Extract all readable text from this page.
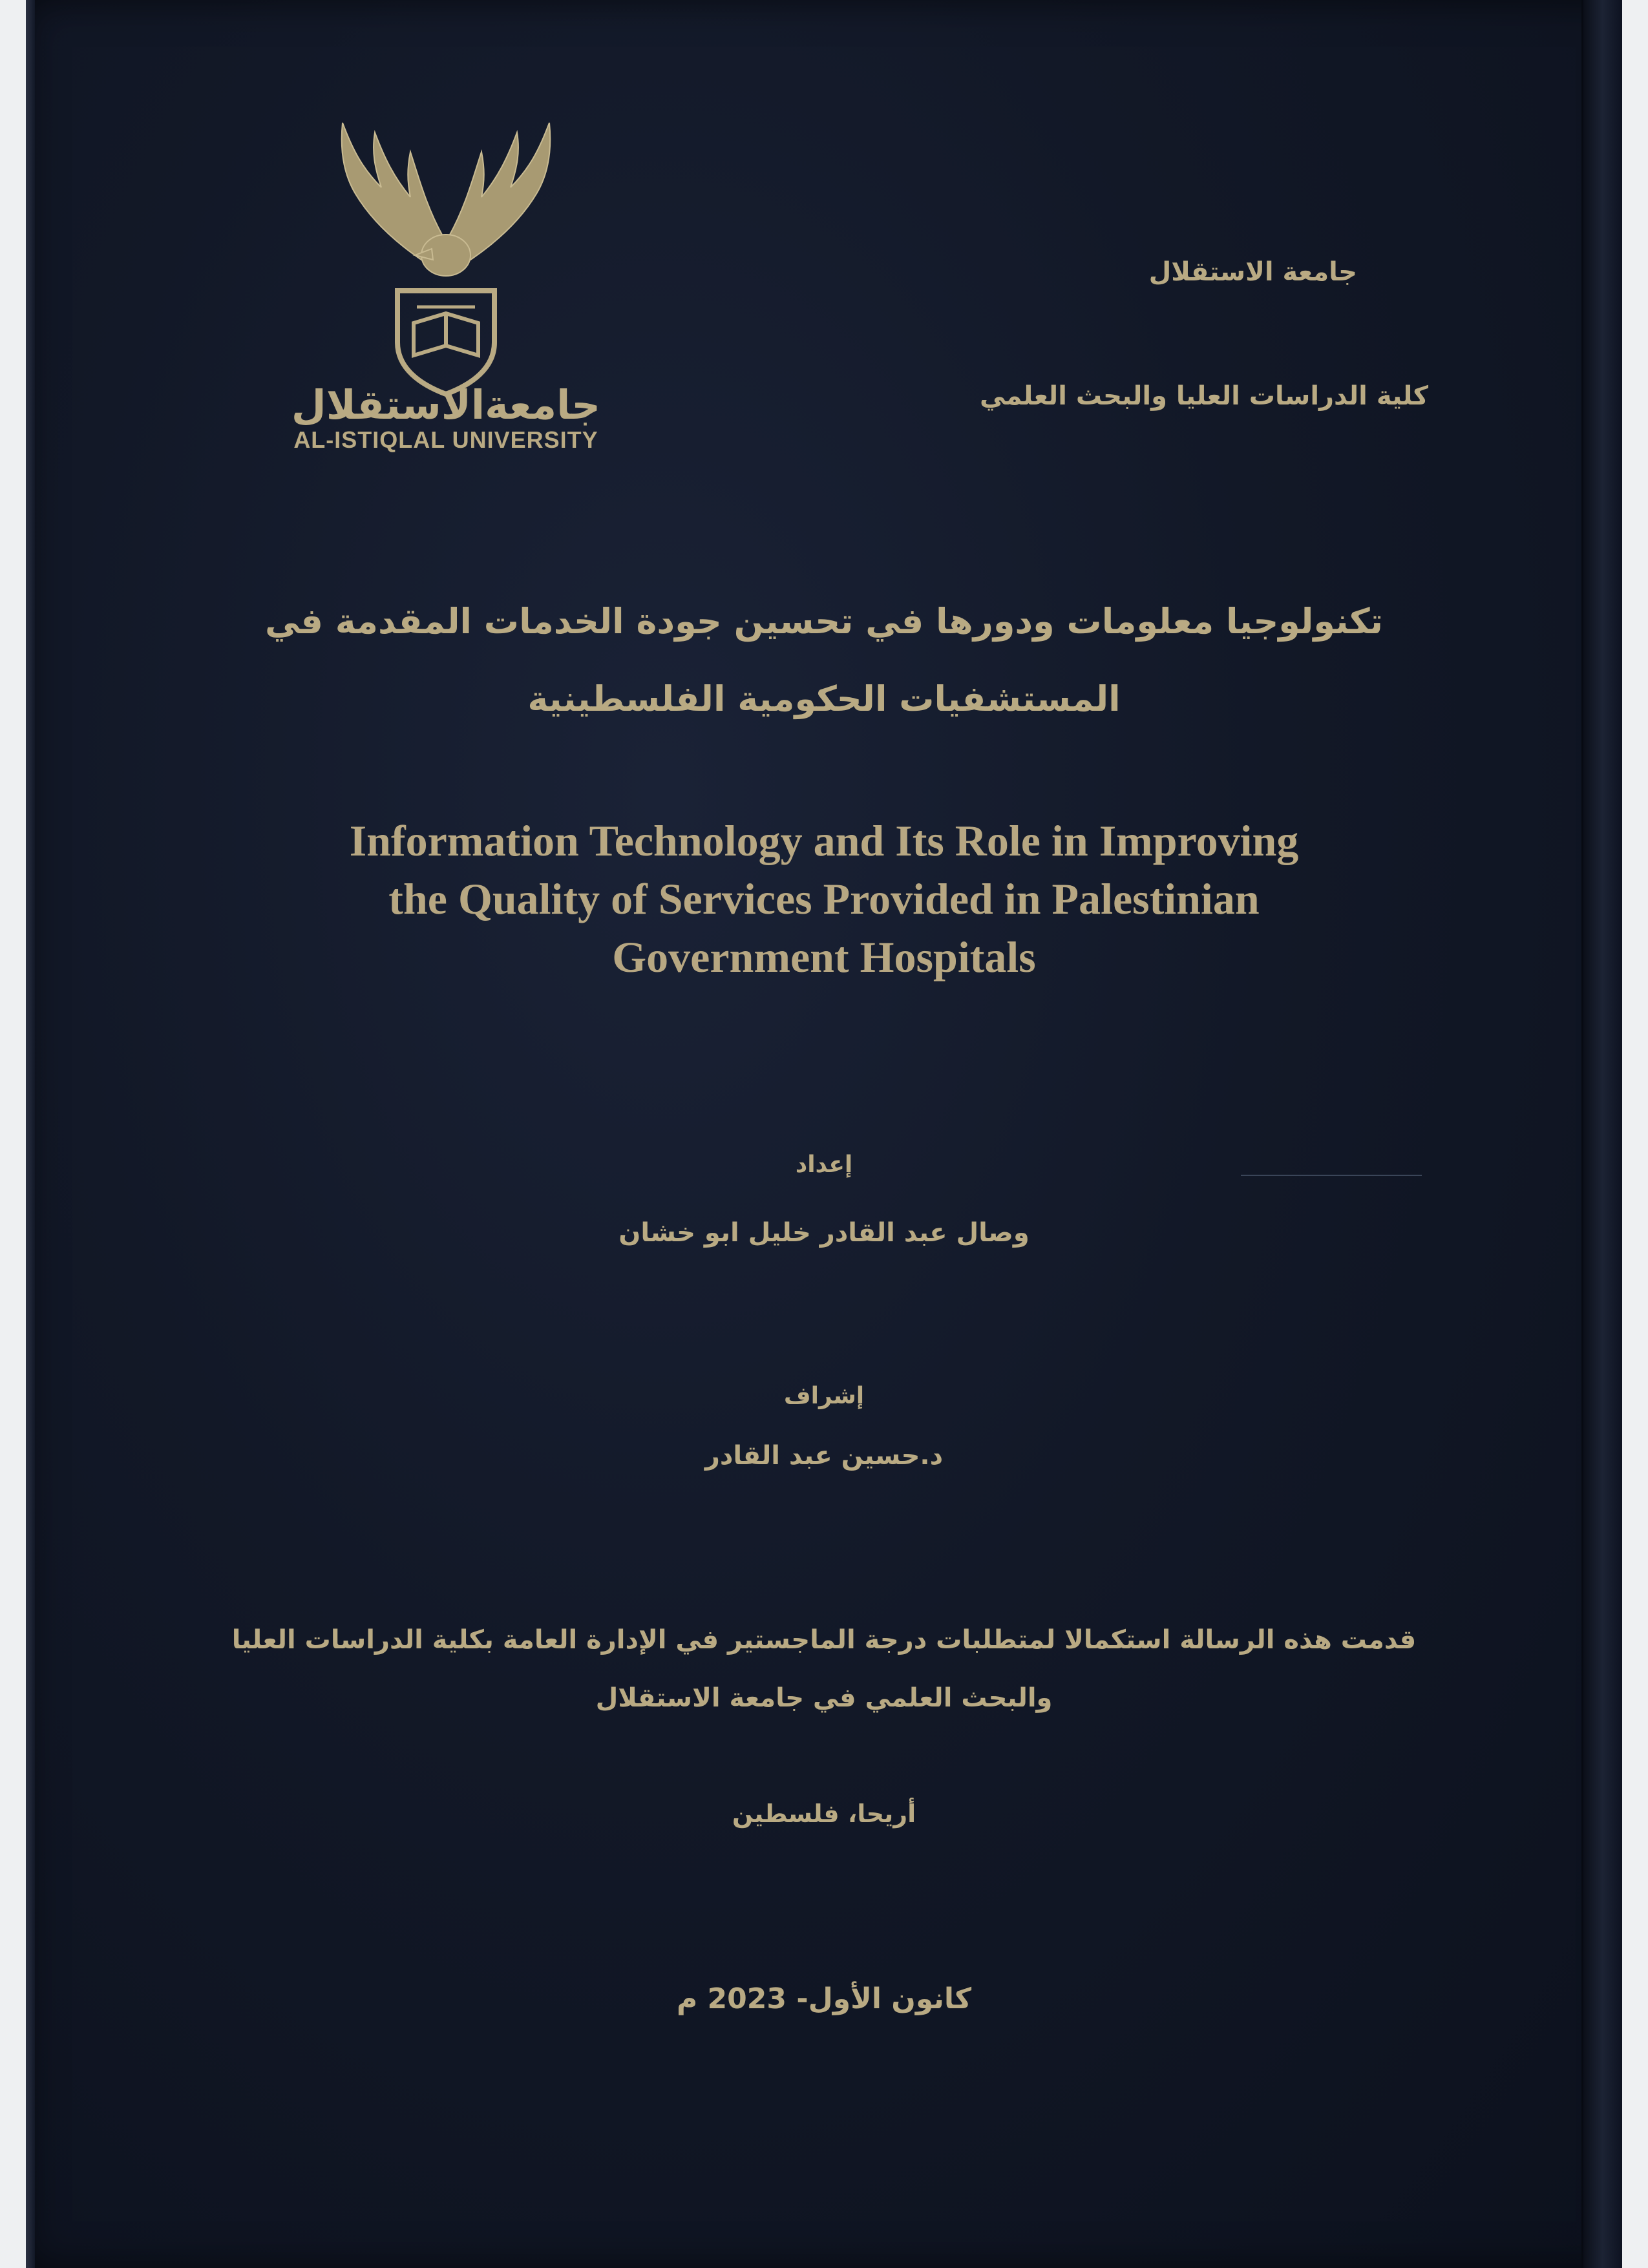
جامعةالاستقلال
AL-ISTIQLAL UNIVERSITY
جامعة الاستقلال
كلية الدراسات العليا والبحث العلمي
تكنولوجيا معلومات ودورها في تحسين جودة الخدمات المقدمة في
المستشفيات الحكومية الفلسطينية
Information Technology and Its Role in Improving
the Quality of Services Provided in Palestinian
Government Hospitals
إعداد
وصال عبد القادر خليل ابو خشان
إشراف
د.حسين عبد القادر
قدمت هذه الرسالة استكمالا لمتطلبات درجة الماجستير في الإدارة العامة بكلية الدراسات العليا
والبحث العلمي في جامعة الاستقلال
أريحا، فلسطين
كانون الأول- 2023 م
